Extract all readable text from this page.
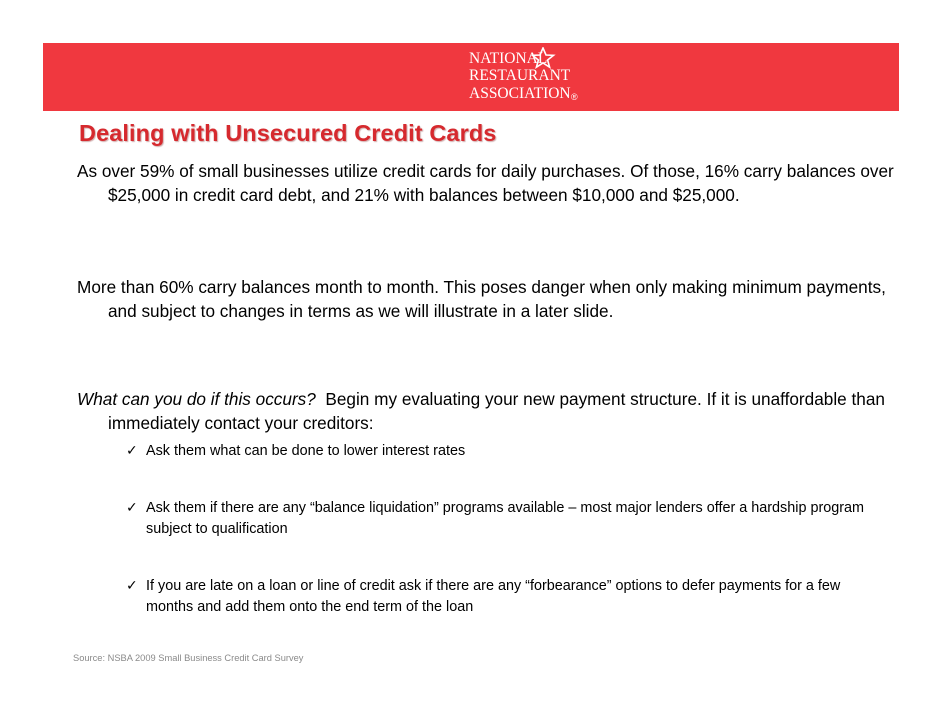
NATIONAL
RESTAURANT
ASSOCIATION ®
Dealing with Unsecured Credit Cards

As over 59% of small businesses utilize credit cards for daily purchases. Of those, 16% carry balances over $25,000 in credit card debt, and 21% with balances between $10,000 and $25,000.

More than 60% carry balances month to month. This poses danger when only making minimum payments, and subject to changes in terms as we will illustrate in a later slide.

What can you do if this occurs?  Begin my evaluating your new payment structure. If it is unaffordable than immediately contact your creditors:

✓ Ask them what can be done to lower interest rates
✓ Ask them if there are any “balance liquidation” programs available – most major lenders offer a hardship program subject to qualification
✓ If you are late on a loan or line of credit ask if there are any “forbearance” options to defer payments for a few months and add them onto the end term of the loan
Source: NSBA 2009 Small Business Credit Card Survey
